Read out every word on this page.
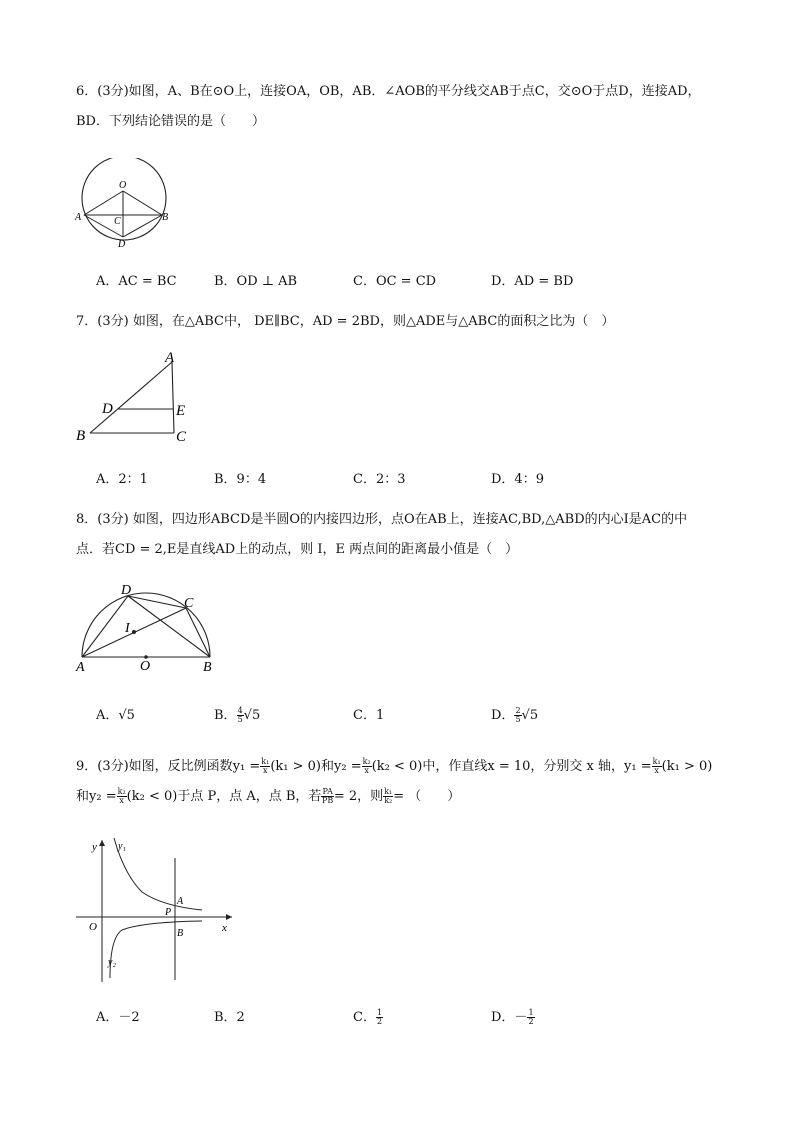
6．(3分)如图，A、B在⊙O上，连接OA，OB，AB．∠AOB的平分线交AB于点C，交⊙O于点D，连接AD，
BD．下列结论错误的是（　　）
O
A	B
C
D
A．AC = BC	B．OD ⊥ AB	C．OC = CD	D．AD = BD
7．(3分) 如图，在△ABC中， DE∥BC，AD = 2BD，则△ADE与△ABC的面积之比为（　）
A
D	E
B	C
A．2：1	B．9：4	C．2：3	D．4：9
8．(3分) 如图，四边形ABCD是半圆O的内接四边形，点O在AB上，连接AC,BD,△ABD的内心I是AC的中
点．若CD = 2,E是直线AD上的动点，则 I，E 两点间的距离最小值是（　）
D
C
I
A	O	B
A．√5	B． $\frac{4}{5} √5$	C．1	D． $\frac{2}{5} √5$
9．(3分)如图，反比例函数$y_1 = \frac{\text{k₁}}{x} (k_1 > 0)$和$y_2 = \frac{\text{k₂}}{x} (k_2 < 0)$中，作直线x = 10，分别交 x 轴，$y_1 = \frac{\text{k₁}}{x} (k_1 > 0)$
和$y_2 = \frac{\text{k₂}}{x} (k_2 < 0)$于点 P，点 A，点 B，若 $\frac{PA}{PB} = 2$，则 $\frac{\text{k₁}}{\text{k₂}}$ = （　　）
y y₁
A
P
O
B	x
y₂
A．－2	B．2	C． $\frac{1}{2}$	D．－ $\frac{1}{2}$
